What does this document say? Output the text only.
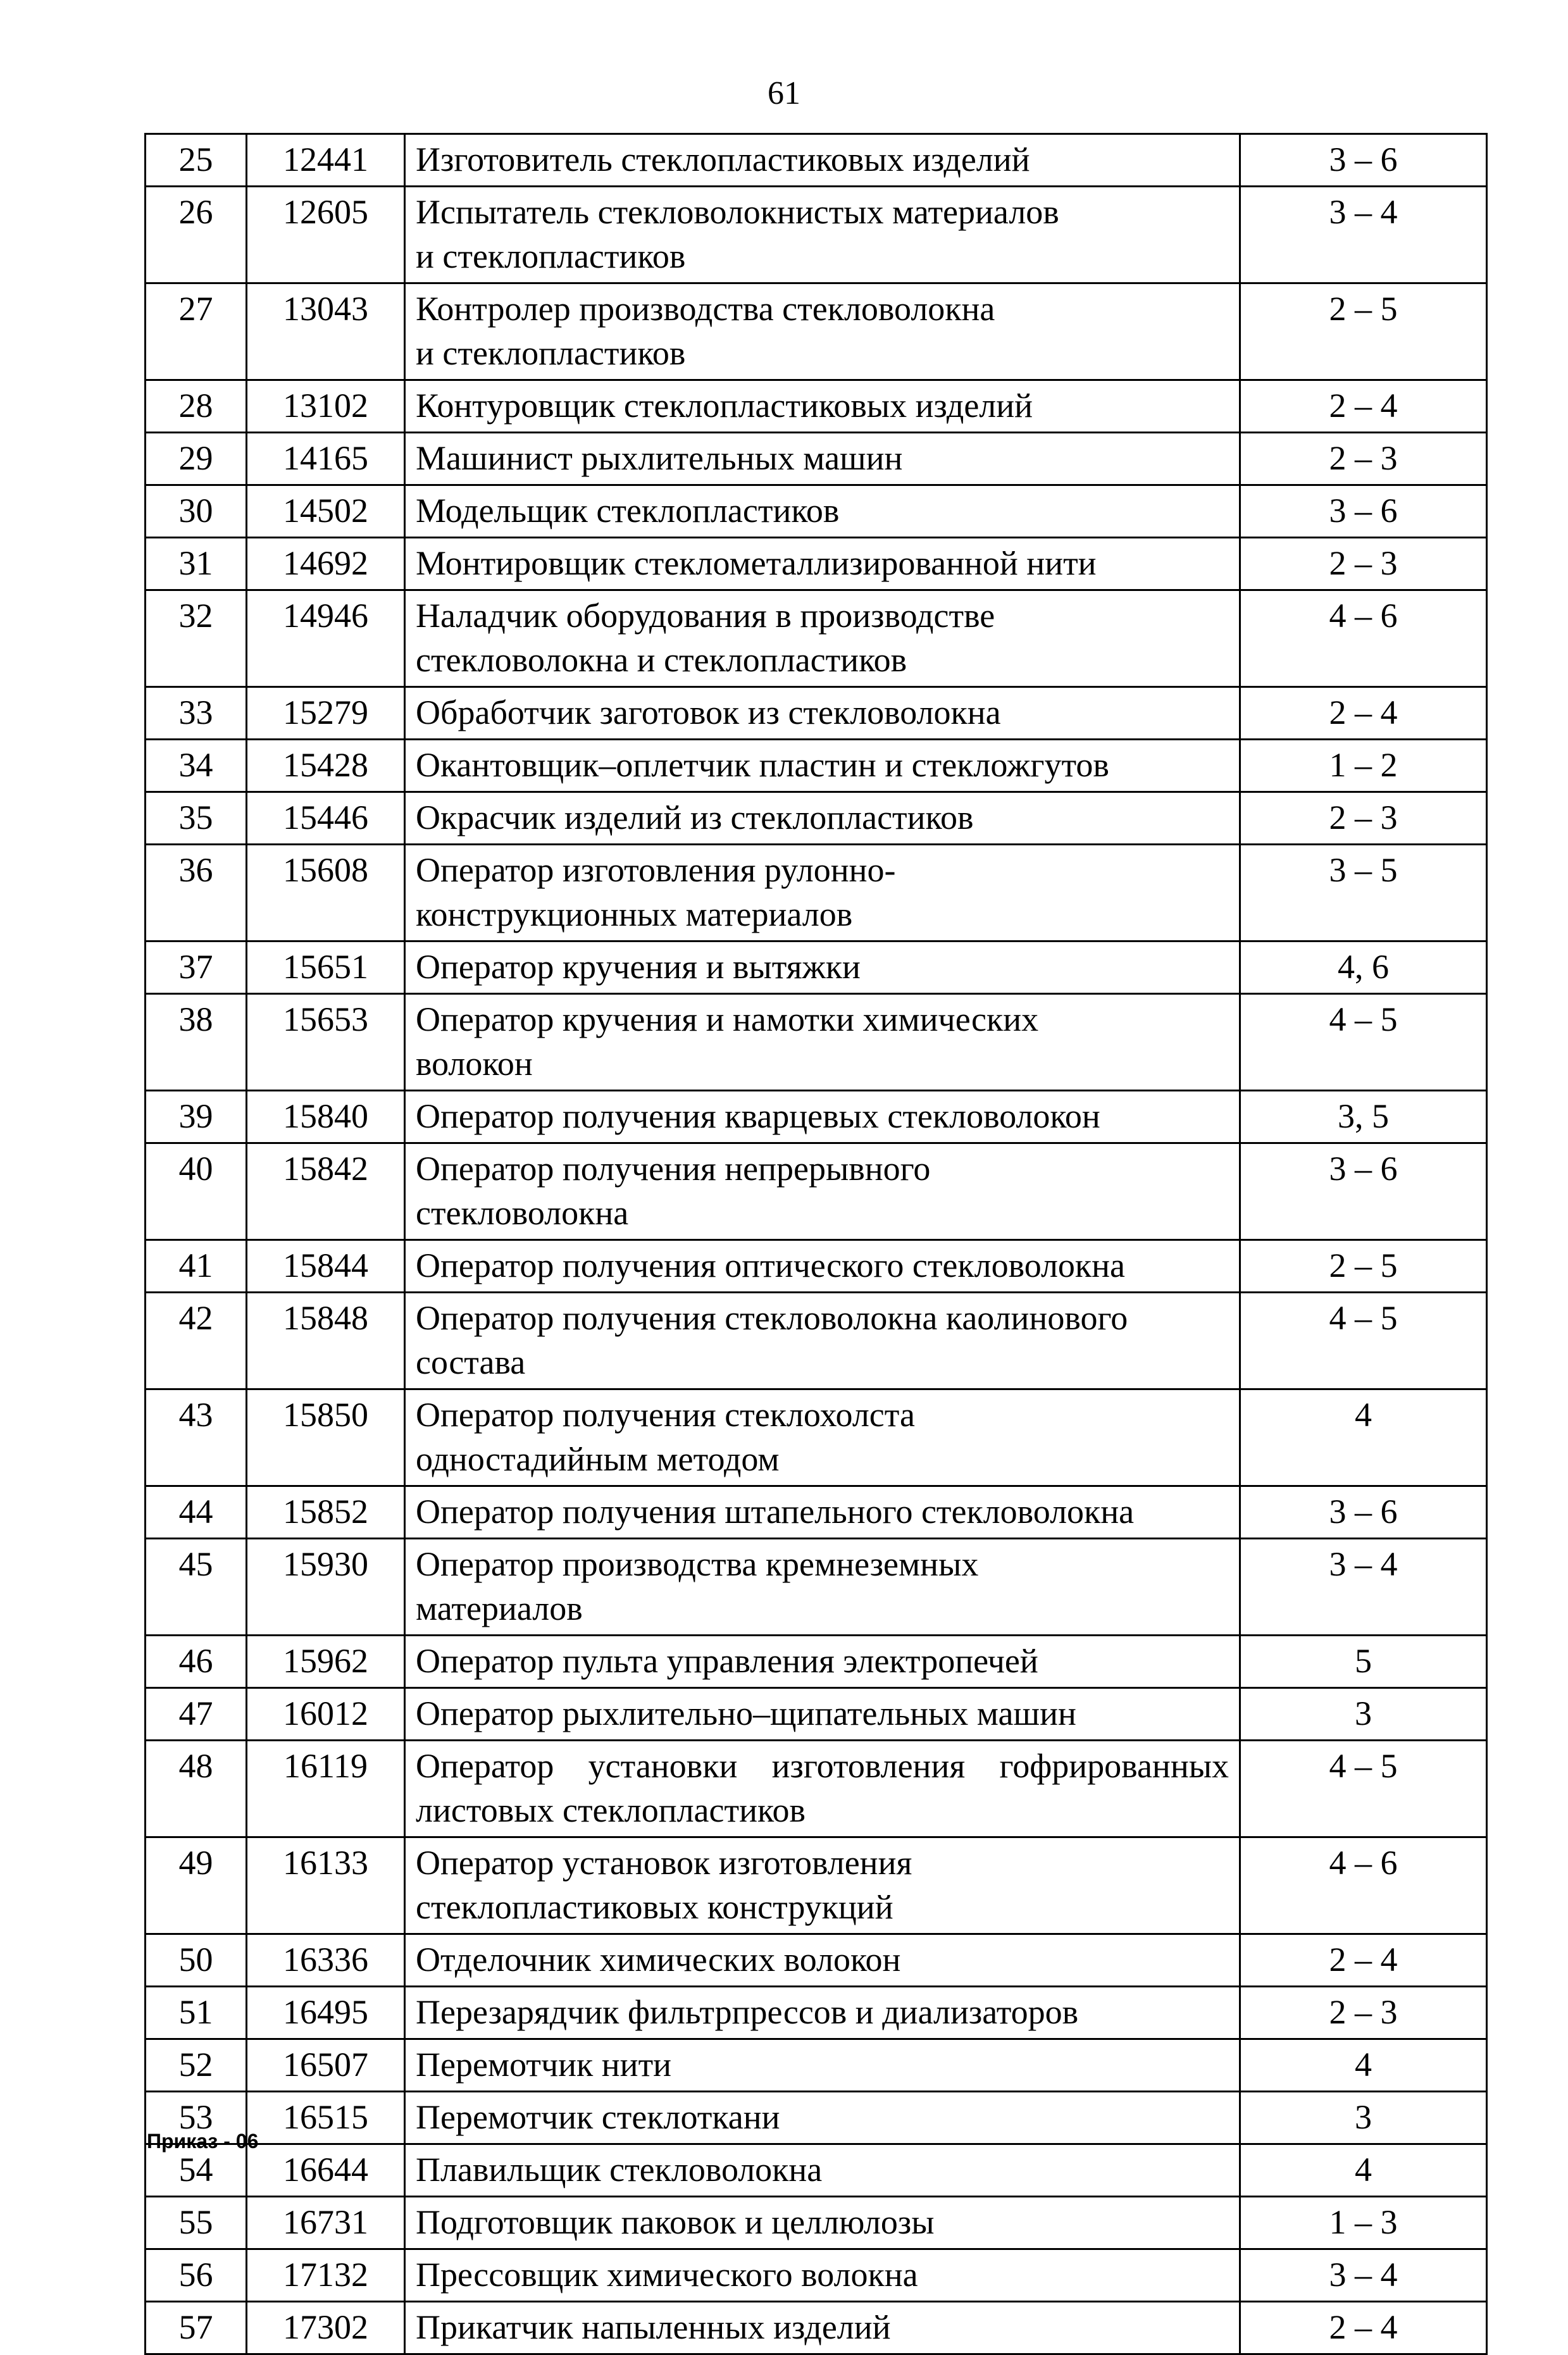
61
25	12441	Изготовитель стеклопластиковых изделий	3 – 6
26	12605	Испытатель стекловолокнистых материалов
и стеклопластиков	3 – 4
27	13043	Контролер производства стекловолокна
и стеклопластиков	2 – 5
28	13102	Контуровщик стеклопластиковых изделий	2 – 4
29	14165	Машинист рыхлительных машин	2 – 3
30	14502	Модельщик стеклопластиков	3 – 6
31	14692	Монтировщик стеклометаллизированной нити	2 – 3
32	14946	Наладчик оборудования в производстве
стекловолокна и стеклопластиков	4 – 6
33	15279	Обработчик заготовок из стекловолокна	2 – 4
34	15428	Окантовщик–оплетчик пластин и стекложгутов	1 – 2
35	15446	Окрасчик изделий из стеклопластиков	2 – 3
36	15608	Оператор изготовления рулонно-
конструкционных материалов	3 – 5
37	15651	Оператор кручения и вытяжки	4, 6
38	15653	Оператор кручения и намотки химических
волокон	4 – 5
39	15840	Оператор получения кварцевых стекловолокон	3, 5
40	15842	Оператор получения непрерывного
стекловолокна	3 – 6
41	15844	Оператор получения оптического стекловолокна	2 – 5
42	15848	Оператор получения стекловолокна каолинового
состава	4 – 5
43	15850	Оператор получения стеклохолста
одностадийным методом	4
44	15852	Оператор получения штапельного стекловолокна	3 – 6
45	15930	Оператор производства кремнеземных
материалов	3 – 4
46	15962	Оператор пульта управления электропечей	5
47	16012	Оператор рыхлительно–щипательных машин	3
48	16119	Оператор установки изготовления гофрированных листовых стеклопластиков	4 – 5
49	16133	Оператор установок изготовления
стеклопластиковых конструкций	4 – 6
50	16336	Отделочник химических волокон	2 – 4
51	16495	Перезарядчик фильтрпрессов и диализаторов	2 – 3
52	16507	Перемотчик нити	4
53	16515	Перемотчик стеклоткани	3
54	16644	Плавильщик стекловолокна	4
55	16731	Подготовщик паковок и целлюлозы	1 – 3
56	17132	Прессовщик химического волокна	3 – 4
57	17302	Прикатчик напыленных изделий	2 – 4
Приказ - 06
